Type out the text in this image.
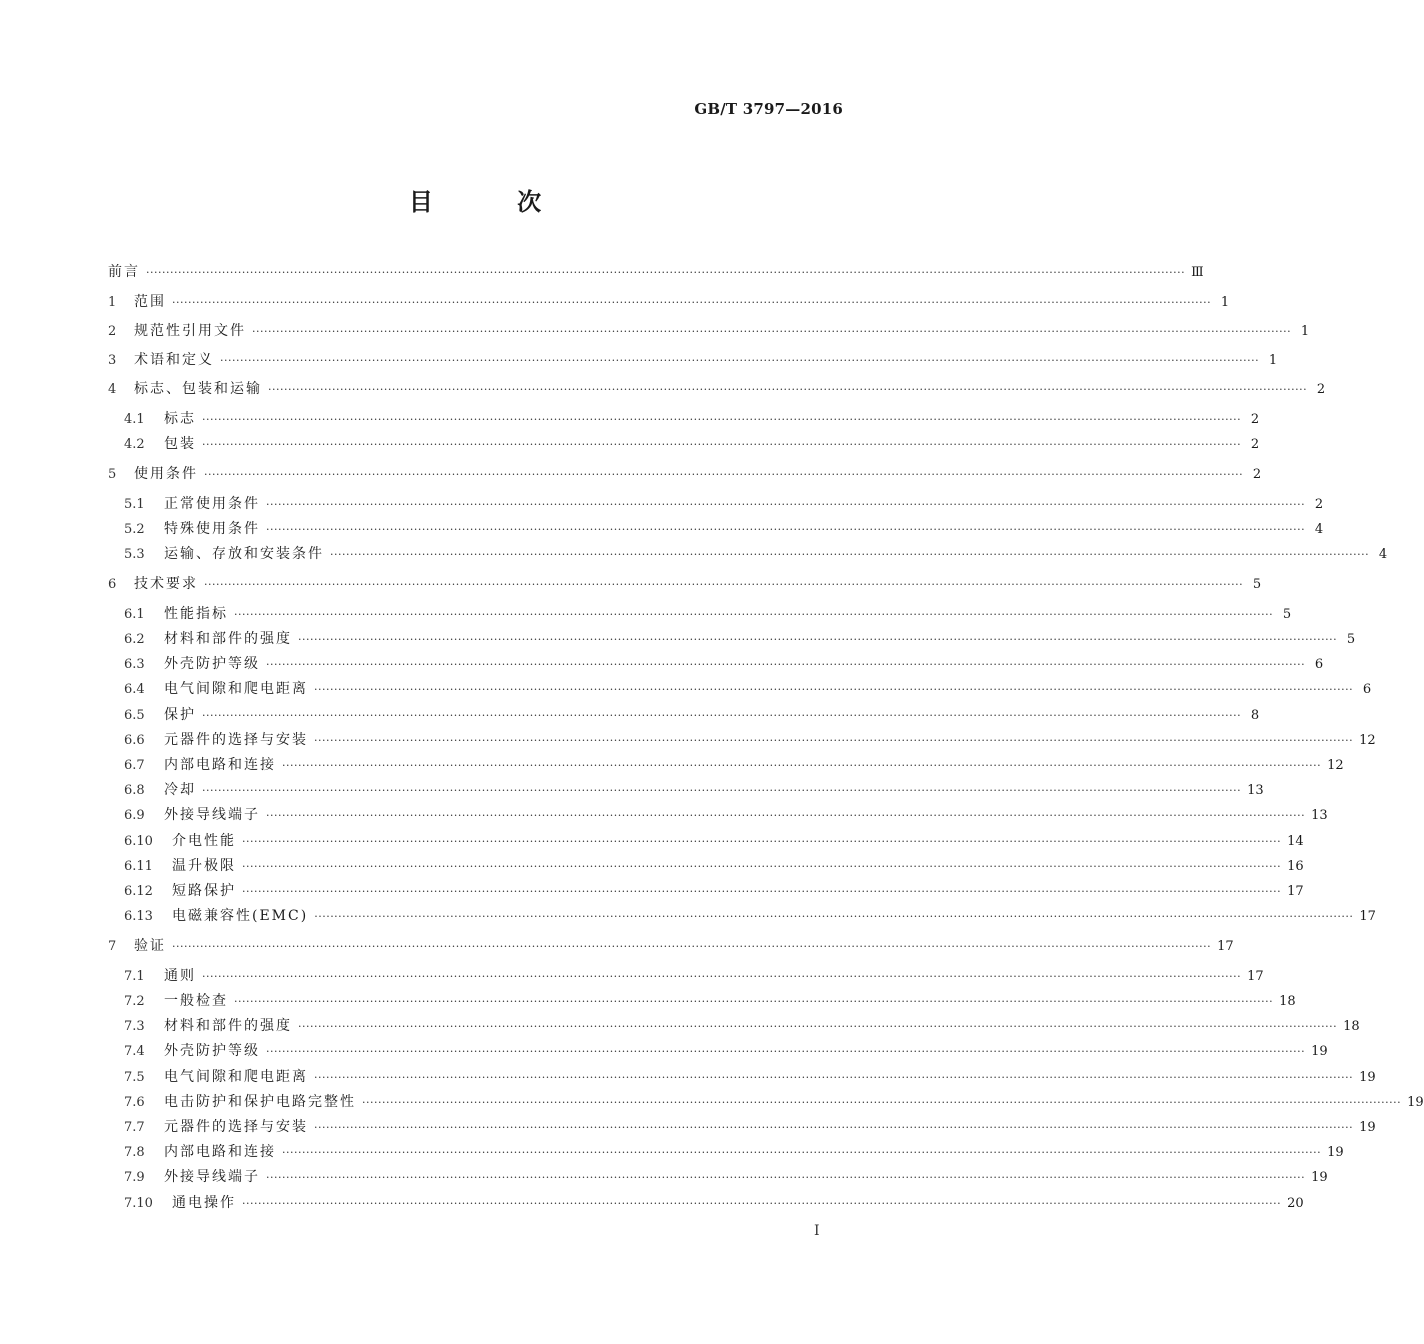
GB/T 3797—2016
目 次
前言 ···································································································································································································································································· Ⅲ
1	范围 ···································································································································································································································································· 1
2	规范性引用文件 ···································································································································································································································································· 1
3	术语和定义 ···································································································································································································································································· 1
4	标志、包装和运输 ···································································································································································································································································· 2
4.1	标志 ···································································································································································································································································· 2
4.2	包装 ···································································································································································································································································· 2
5	使用条件 ···································································································································································································································································· 2
5.1	正常使用条件 ···································································································································································································································································· 2
5.2	特殊使用条件 ···································································································································································································································································· 4
5.3	运输、存放和安装条件 ···································································································································································································································································· 4
6	技术要求 ···································································································································································································································································· 5
6.1	性能指标 ···································································································································································································································································· 5
6.2	材料和部件的强度 ···································································································································································································································································· 5
6.3	外壳防护等级 ···································································································································································································································································· 6
6.4	电气间隙和爬电距离 ···································································································································································································································································· 6
6.5	保护 ···································································································································································································································································· 8
6.6	元器件的选择与安装 ···································································································································································································································································· 12
6.7	内部电路和连接 ···································································································································································································································································· 12
6.8	冷却 ···································································································································································································································································· 13
6.9	外接导线端子 ···································································································································································································································································· 13
6.10	介电性能 ···································································································································································································································································· 14
6.11	温升极限 ···································································································································································································································································· 16
6.12	短路保护 ···································································································································································································································································· 17
6.13	电磁兼容性(EMC) ···································································································································································································································································· 17
7	验证 ···································································································································································································································································· 17
7.1	通则 ···································································································································································································································································· 17
7.2	一般检查 ···································································································································································································································································· 18
7.3	材料和部件的强度 ···································································································································································································································································· 18
7.4	外壳防护等级 ···································································································································································································································································· 19
7.5	电气间隙和爬电距离 ···································································································································································································································································· 19
7.6	电击防护和保护电路完整性 ···································································································································································································································································· 19
7.7	元器件的选择与安装 ···································································································································································································································································· 19
7.8	内部电路和连接 ···································································································································································································································································· 19
7.9	外接导线端子 ···································································································································································································································································· 19
7.10	通电操作 ···································································································································································································································································· 20
I
